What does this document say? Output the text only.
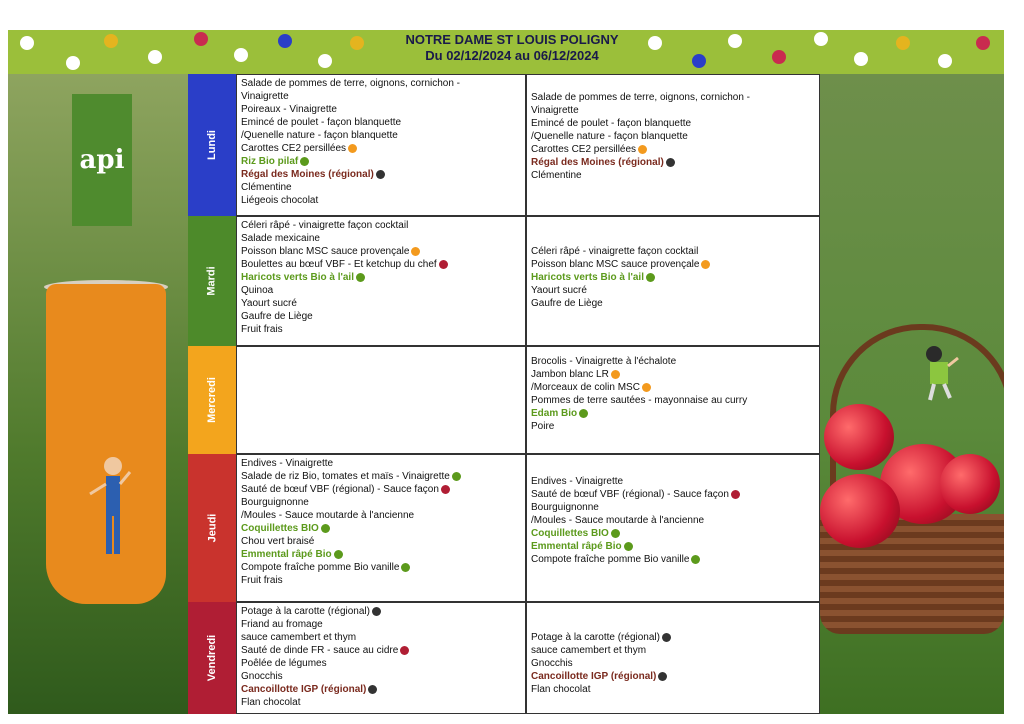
NOTRE DAME ST LOUIS POLIGNY
Du 02/12/2024 au 06/12/2024
api	Lundi
Salade de pommes de terre, oignons, cornichon -
Vinaigrette
Poireaux - Vinaigrette
Emincé de poulet - façon blanquette
/Quenelle nature - façon blanquette
Carottes CE2 persillées
Riz Bio pilaf
Régal des Moines (régional)
Clémentine
Liégeois chocolat
Salade de pommes de terre, oignons, cornichon -
Vinaigrette
Emincé de poulet - façon blanquette
/Quenelle nature - façon blanquette
Carottes CE2 persillées
Régal des Moines (régional)
Clémentine
Mardi
Céleri râpé - vinaigrette façon cocktail
Salade mexicaine
Poisson blanc MSC sauce provençale
Boulettes au bœuf VBF - Et ketchup du chef
Haricots verts Bio à l'ail
Quinoa
Yaourt sucré
Gaufre de Liège
Fruit frais
Céleri râpé - vinaigrette façon cocktail
Poisson blanc MSC sauce provençale
Haricots verts Bio à l'ail
Yaourt sucré
Gaufre de Liège
Mercredi
Brocolis - Vinaigrette à l'échalote
Jambon blanc LR
/Morceaux de colin MSC
Pommes de terre sautées - mayonnaise au curry
Edam Bio
Poire
Jeudi
Endives - Vinaigrette
Salade de riz Bio, tomates et maïs - Vinaigrette
Sauté de bœuf VBF (régional) - Sauce façon
Bourguignonne
/Moules - Sauce moutarde à l'ancienne
Coquillettes BIO
Chou vert braisé
Emmental râpé Bio
Compote fraîche pomme Bio vanille
Fruit frais
Endives - Vinaigrette
Sauté de bœuf VBF (régional) - Sauce façon
Bourguignonne
/Moules - Sauce moutarde à l'ancienne
Coquillettes BIO
Emmental râpé Bio
Compote fraîche pomme Bio vanille
Vendredi
Potage à la carotte (régional)
Friand au fromage
sauce camembert et thym
Sauté de dinde FR - sauce au cidre
Poêlée de légumes
Gnocchis
Cancoillotte IGP (régional)
Flan chocolat
Potage à la carotte (régional)
sauce camembert et thym
Gnocchis
Cancoillotte IGP (régional)
Flan chocolat
